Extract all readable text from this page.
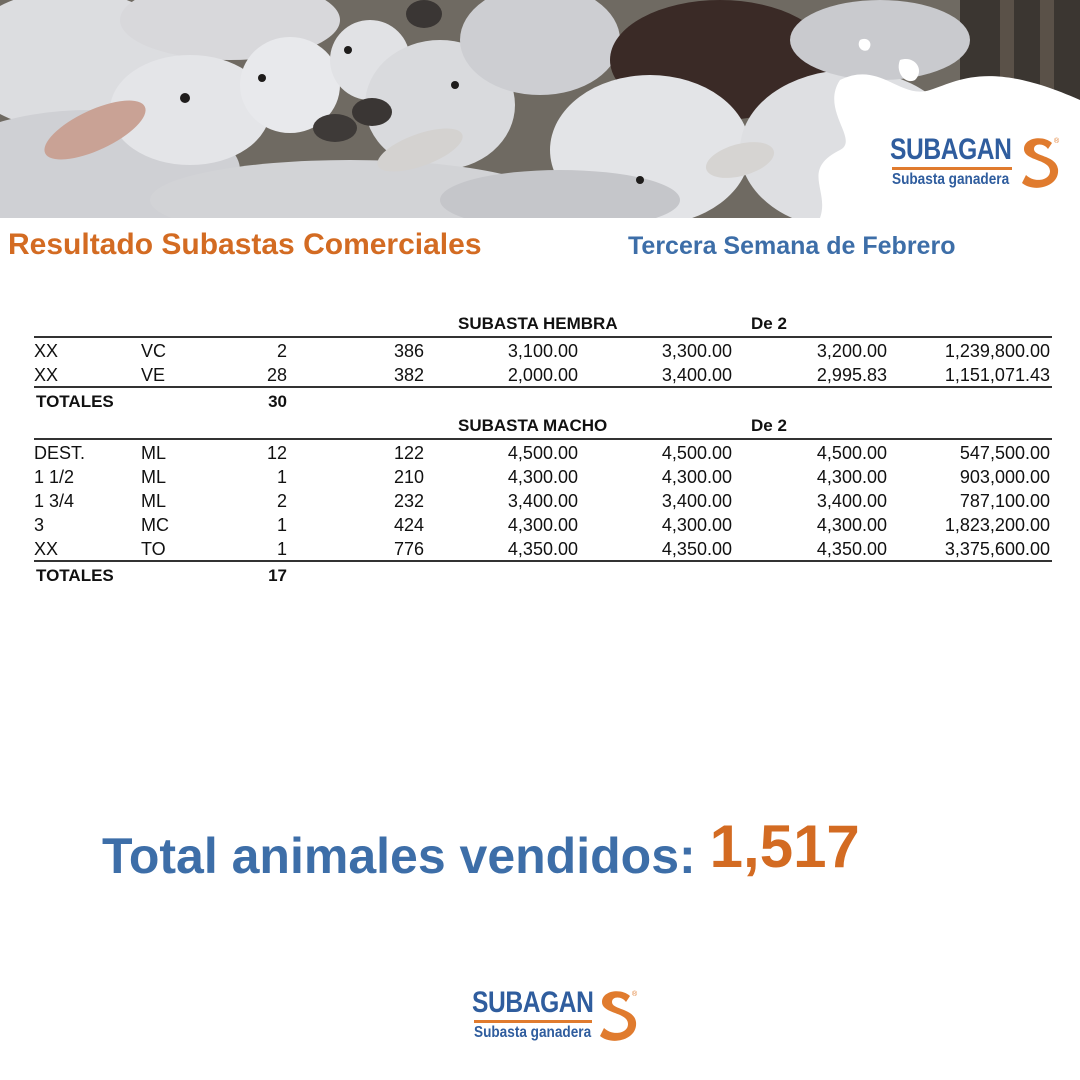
SUBAGAN
Subasta ganadera
®
Resultado Subastas Comerciales	Tercera Semana de Febrero
SUBASTA HEMBRA	De 2
XX	VC	2	386	3,100.00	3,300.00	3,200.00	1,239,800.00
XX	VE	28	382	2,000.00	3,400.00	2,995.83	1,151,071.43
TOTALES	30
SUBASTA MACHO	De 2
DEST.	ML	12	122	4,500.00	4,500.00	4,500.00	547,500.00
1 1/2	ML	1	210	4,300.00	4,300.00	4,300.00	903,000.00
1 3/4	ML	2	232	3,400.00	3,400.00	3,400.00	787,100.00
3	MC	1	424	4,300.00	4,300.00	4,300.00	1,823,200.00
XX	TO	1	776	4,350.00	4,350.00	4,350.00	3,375,600.00
TOTALES	17
Total animales vendidos: 1,517
SUBAGAN
Subasta ganadera
®
